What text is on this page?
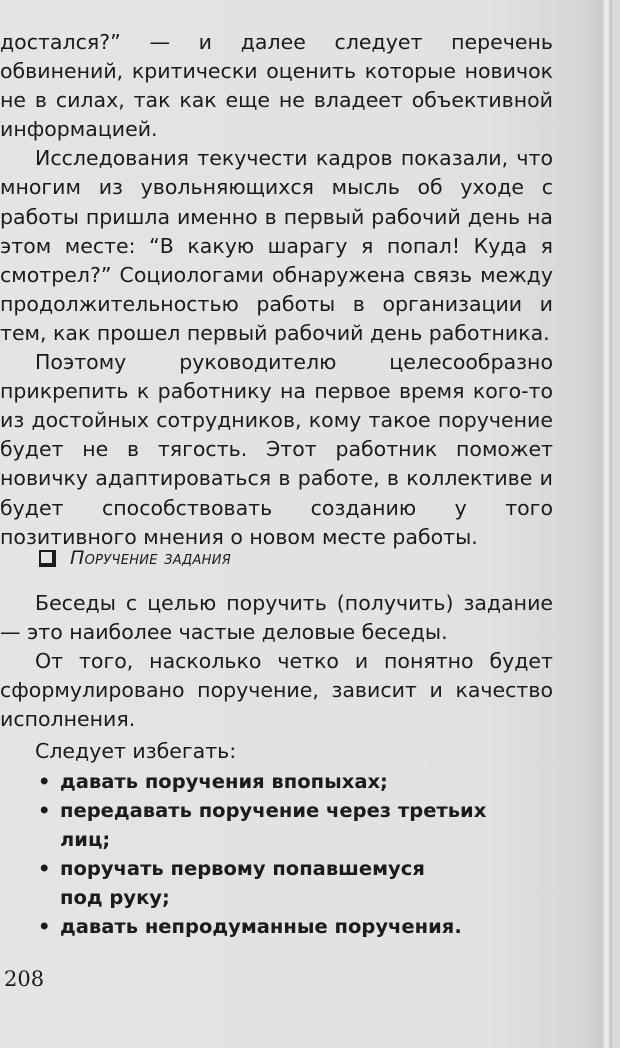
достался?” — и далее следует перечень обвинений, критически оценить которые новичок не в силах, так как еще не владеет объективной информацией.

Исследования текучести кадров показали, что многим из увольняющихся мысль об уходе с работы пришла именно в первый рабочий день на этом месте: “В какую шарагу я попал! Куда я смотрел?” Социологами обнаружена связь между продолжительностью работы в организации и тем, как прошел первый рабочий день работника.

Поэтому руководителю целесообразно прикрепить к работнику на первое время кого-то из достойных сотрудников, кому такое поручение будет не в тягость. Этот работник поможет новичку адаптироваться в работе, в коллективе и будет способствовать созданию у того позитивного мнения о новом месте работы.

Поручение задания

Беседы с целью поручить (получить) задание — это наиболее частые деловые беседы.

От того, насколько четко и понятно будет сформулировано поручение, зависит и качество исполнения.

Следует избегать:

• давать поручения впопыхах;
• передавать поручение через третьих лиц;
• поручать первому попавшемуся под руку;
• давать непродуманные поручения.
208
